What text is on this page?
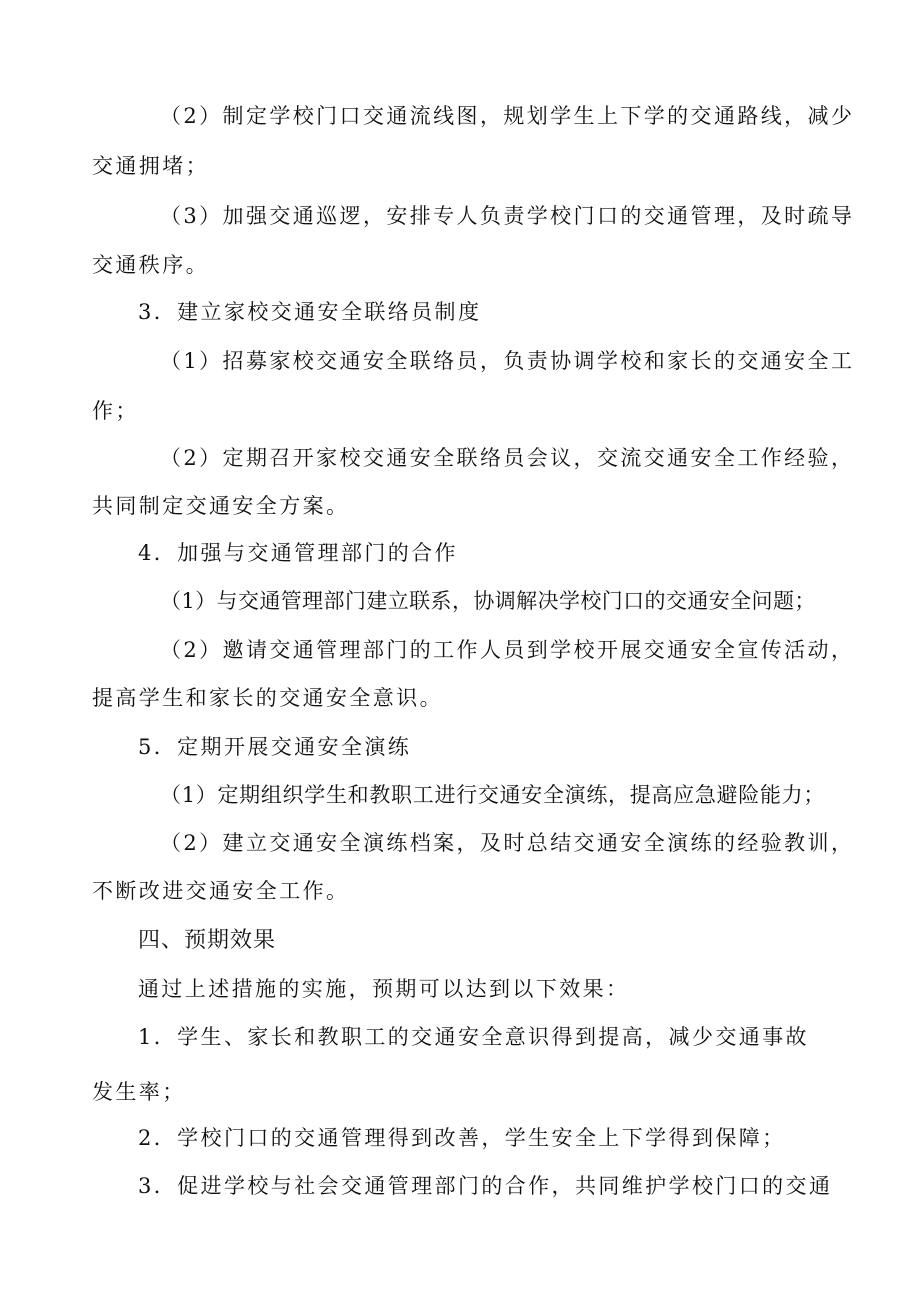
（2）制定学校门口交通流线图，规划学生上下学的交通路线，减少
交通拥堵；
（3）加强交通巡逻，安排专人负责学校门口的交通管理，及时疏导
交通秩序。
3．建立家校交通安全联络员制度
（1）招募家校交通安全联络员，负责协调学校和家长的交通安全工
作；
（2）定期召开家校交通安全联络员会议，交流交通安全工作经验，
共同制定交通安全方案。
4．加强与交通管理部门的合作
（1）与交通管理部门建立联系，协调解决学校门口的交通安全问题；
（2）邀请交通管理部门的工作人员到学校开展交通安全宣传活动，
提高学生和家长的交通安全意识。
5．定期开展交通安全演练
（1）定期组织学生和教职工进行交通安全演练，提高应急避险能力；
（2）建立交通安全演练档案，及时总结交通安全演练的经验教训，
不断改进交通安全工作。
四、预期效果
通过上述措施的实施，预期可以达到以下效果：
1．学生、家长和教职工的交通安全意识得到提高，减少交通事故
发生率；
2．学校门口的交通管理得到改善，学生安全上下学得到保障；
3．促进学校与社会交通管理部门的合作，共同维护学校门口的交通
